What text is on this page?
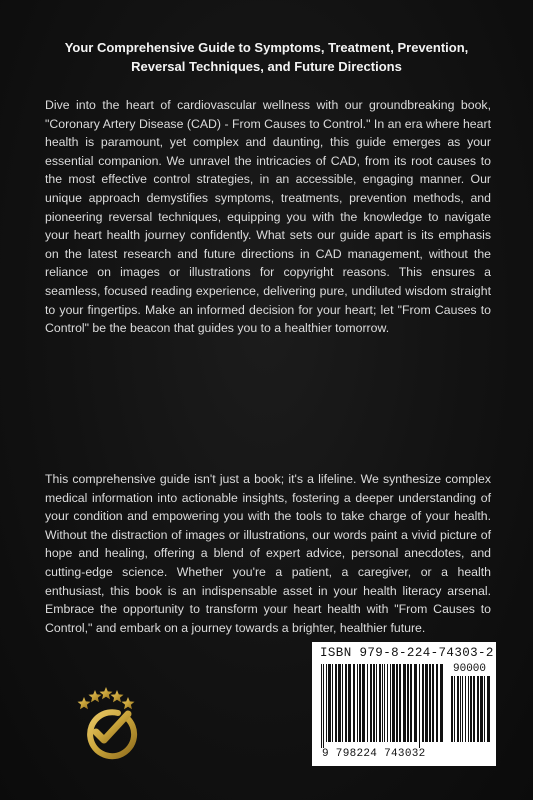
Your Comprehensive Guide to Symptoms, Treatment, Prevention, Reversal Techniques, and Future Directions
Dive into the heart of cardiovascular wellness with our groundbreaking book, "Coronary Artery Disease (CAD) - From Causes to Control." In an era where heart health is paramount, yet complex and daunting, this guide emerges as your essential companion. We unravel the intricacies of CAD, from its root causes to the most effective control strategies, in an accessible, engaging manner. Our unique approach demystifies symptoms, treatments, prevention methods, and pioneering reversal techniques, equipping you with the knowledge to navigate your heart health journey confidently. What sets our guide apart is its emphasis on the latest research and future directions in CAD management, without the reliance on images or illustrations for copyright reasons. This ensures a seamless, focused reading experience, delivering pure, undiluted wisdom straight to your fingertips. Make an informed decision for your heart; let "From Causes to Control" be the beacon that guides you to a healthier tomorrow.
This comprehensive guide isn't just a book; it's a lifeline. We synthesize complex medical information into actionable insights, fostering a deeper understanding of your condition and empowering you with the tools to take charge of your health. Without the distraction of images or illustrations, our words paint a vivid picture of hope and healing, offering a blend of expert advice, personal anecdotes, and cutting-edge science. Whether you're a patient, a caregiver, or a health enthusiast, this book is an indispensable asset in your health literacy arsenal. Embrace the opportunity to transform your heart health with "From Causes to Control," and embark on a journey towards a brighter, healthier future.
ISBN 979-8-224-74303-2
90000
9 798224 743032
